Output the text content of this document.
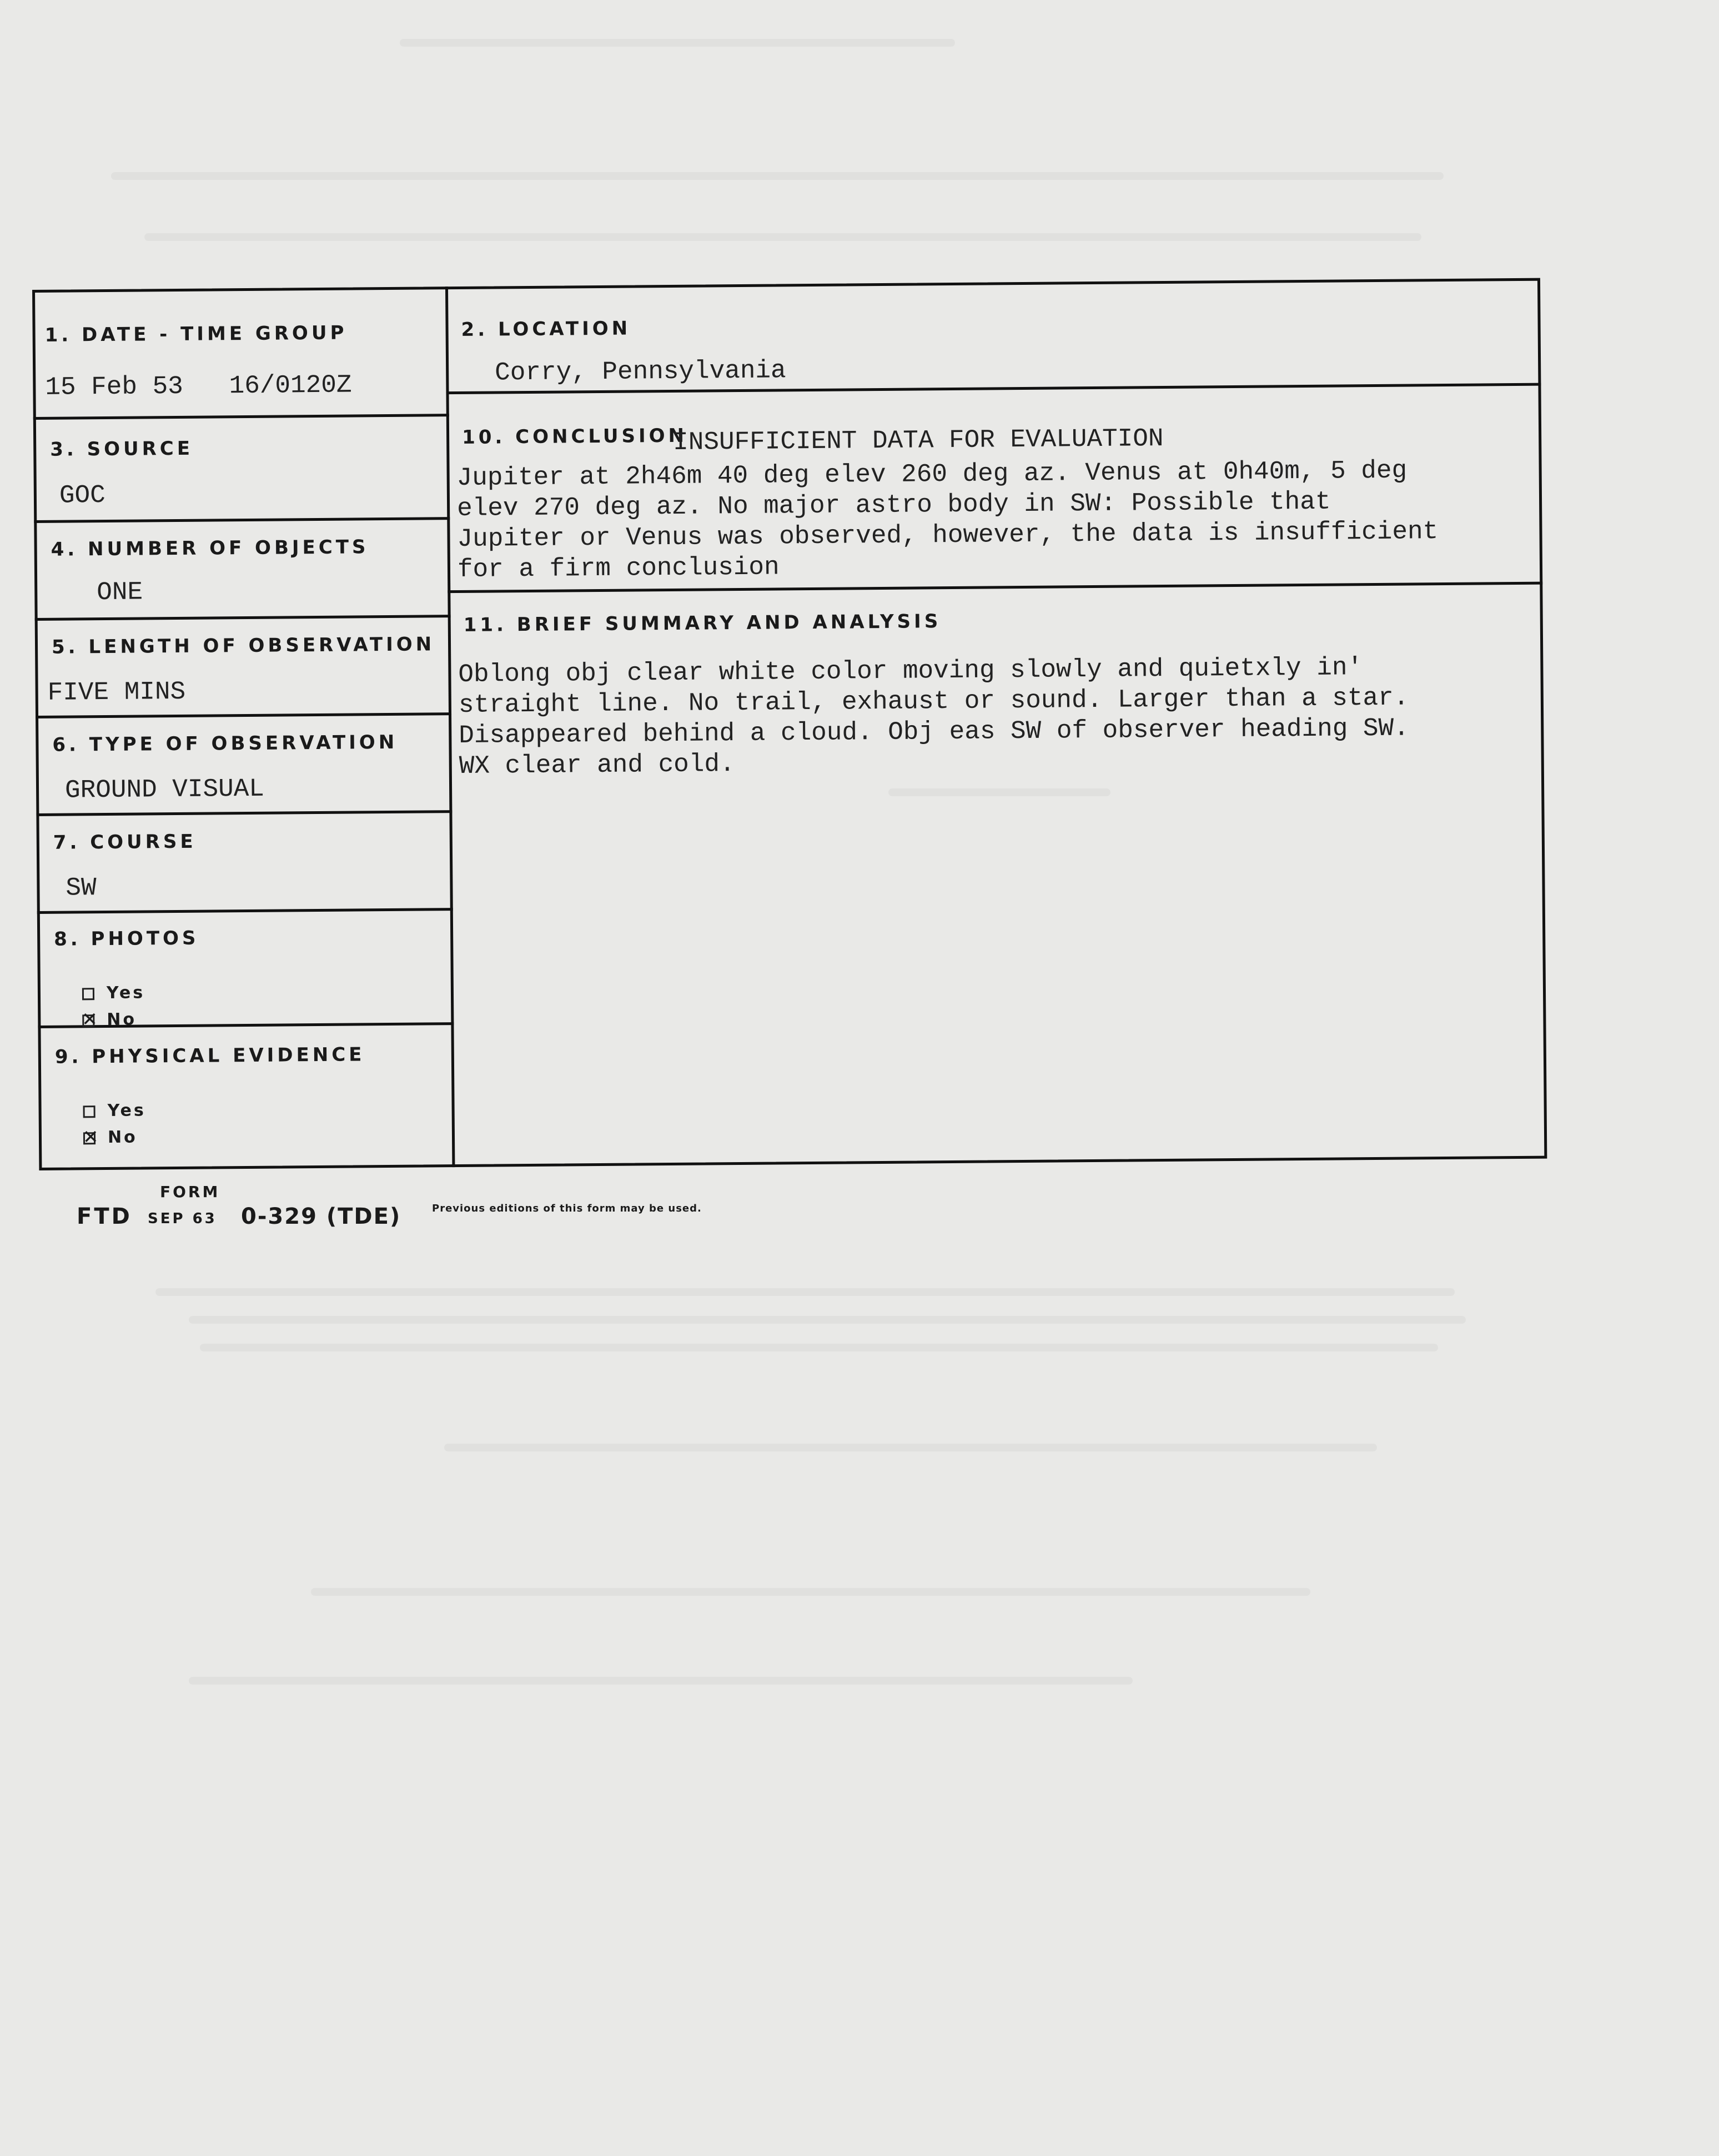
1. DATE - TIME GROUP
15 Feb 53   16/0120Z
2. LOCATION
Corry, Pennsylvania
3. SOURCE
GOC
4. NUMBER OF OBJECTS
ONE
5. LENGTH OF OBSERVATION
FIVE MINS
6. TYPE OF OBSERVATION
GROUND VISUAL
7. COURSE
SW
8. PHOTOS
Yes
✕No
9. PHYSICAL EVIDENCE
Yes
✕No
10. CONCLUSION
INSUFFICIENT DATA FOR EVALUATION
Jupiter at 2h46m 40 deg elev 260 deg az. Venus at 0h40m, 5 deg
elev 270 deg az. No major astro body in SW: Possible that
Jupiter or Venus was observed, however, the data is insufficient
for a firm conclusion
11. BRIEF SUMMARY AND ANALYSIS
Oblong obj clear white color moving slowly and quietxly in'
straight line. No trail, exhaust or sound. Larger than a star.
Disappeared behind a cloud. Obj eas SW of observer heading SW.
WX clear and cold.
FORM
FTD SEP 63 0-329 (TDE)	Previous editions of this form may be used.
